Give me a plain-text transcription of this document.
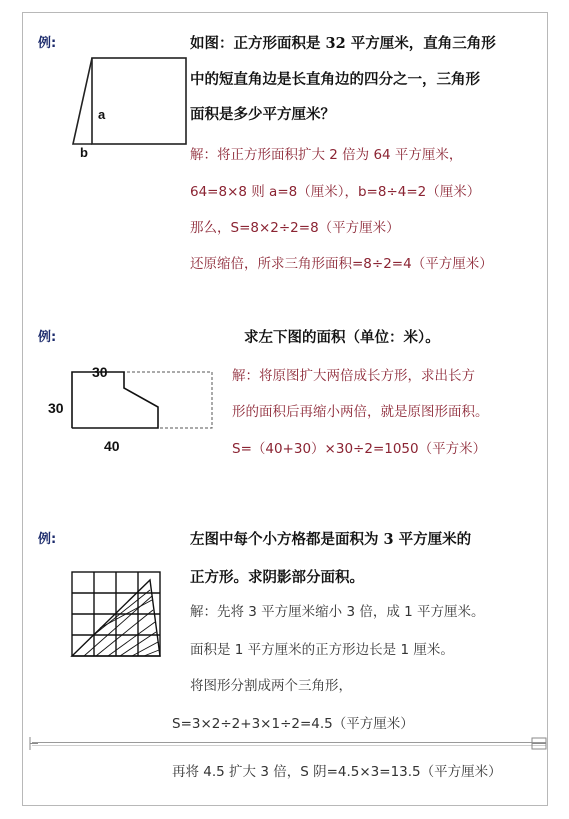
例:
a
b
如图：正方形面积是 32 平方厘米，直角三角形
中的短直角边是长直角边的四分之一，三角形
面积是多少平方厘米？
解：将正方形面积扩大 2 倍为 64 平方厘米，
64=8×8 则 a=8（厘米），b=8÷4=2（厘米）
那么，S=8×2÷2=8（平方厘米）
还原缩倍，所求三角形面积=8÷2=4（平方厘米）
例:	求左下图的面积（单位：米）。
30
30
40
解：将原图扩大两倍成长方形，求出长方
形的面积后再缩小两倍，就是原图形面积。
S=（40+30）×30÷2=1050（平方米）
例:	左图中每个小方格都是面积为 3 平方厘米的
正方形。求阴影部分面积。
解：先将 3 平方厘米缩小 3 倍，成 1 平方厘米。
面积是 1 平方厘米的正方形边长是 1 厘米。
将图形分割成两个三角形，
S=3×2÷2+3×1÷2=4.5（平方厘米）
再将 4.5 扩大 3 倍，S 阴=4.5×3=13.5（平方厘米）
